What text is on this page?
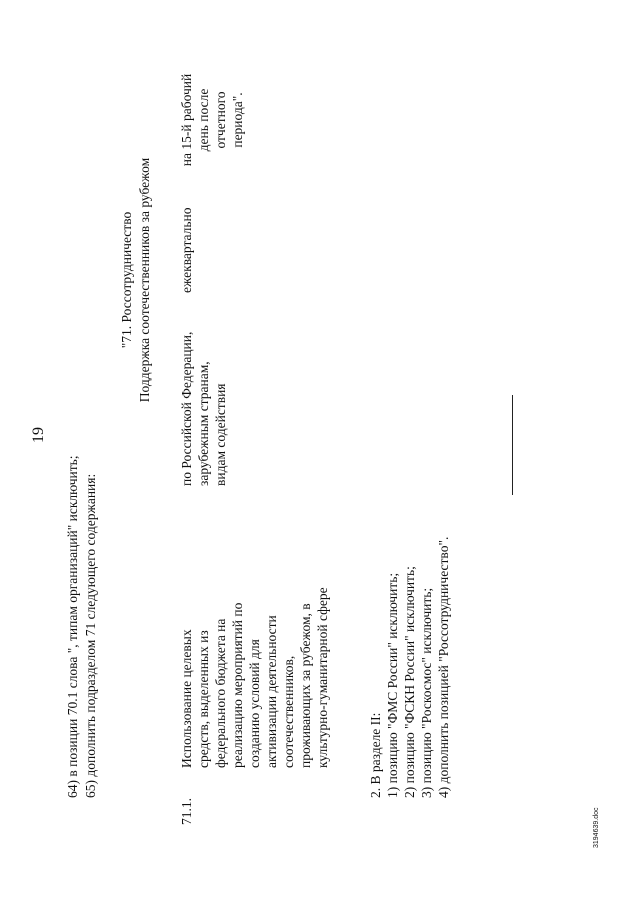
19
64) в позиции 70.1 слова ", типам организаций" исключить; 65) дополнить подразделом 71 следующего содержания:
"71. Россотрудничество Поддержка соотечественников за рубежом
71.1.
Использование целевых средств, выделенных из федерального бюджета на реализацию мероприятий по созданию условий для активизации деятельности соотечественников, проживающих за рубежом, в культурно-гуманитарной сфере
по Российской Федерации, зарубежным странам, видам содействия
ежеквартально
на 15-й рабочий день после отчетного периода".
2. В разделе II: 1) позицию "ФМС России" исключить; 2) позицию "ФСКН России" исключить; 3) позицию "Роскосмос" исключить; 4) дополнить позицией "Россотрудничество".
3194639.doc
